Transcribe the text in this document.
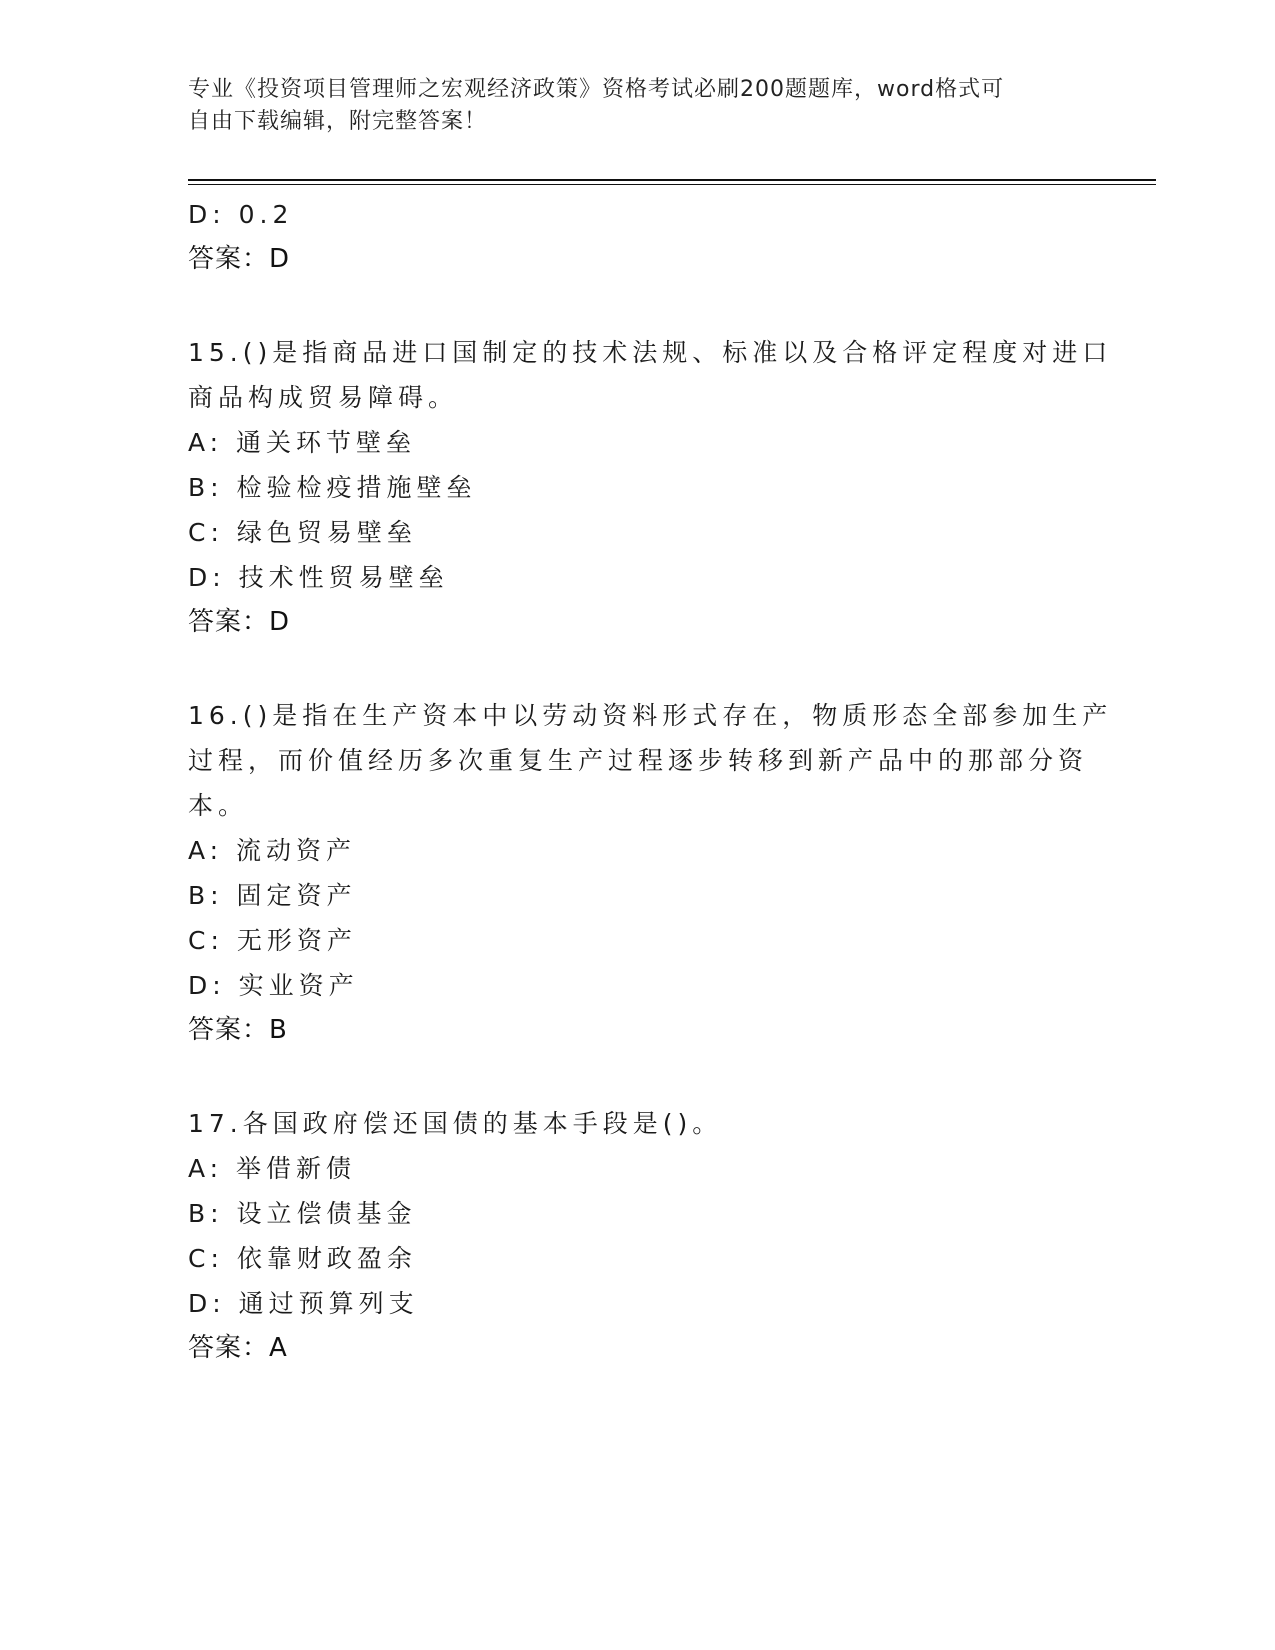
专业《投资项目管理师之宏观经济政策》资格考试必刷200题题库，word格式可
自由下载编辑，附完整答案！
D: 0.2
答案：D
15.()是指商品进口国制定的技术法规、标准以及合格评定程度对进口
商品构成贸易障碍。
A: 通关环节壁垒
B: 检验检疫措施壁垒
C: 绿色贸易壁垒
D: 技术性贸易壁垒
答案：D
16.()是指在生产资本中以劳动资料形式存在，物质形态全部参加生产
过程，而价值经历多次重复生产过程逐步转移到新产品中的那部分资
本。
A: 流动资产
B: 固定资产
C: 无形资产
D: 实业资产
答案：B
17.各国政府偿还国债的基本手段是()。
A: 举借新债
B: 设立偿债基金
C: 依靠财政盈余
D: 通过预算列支
答案：A
